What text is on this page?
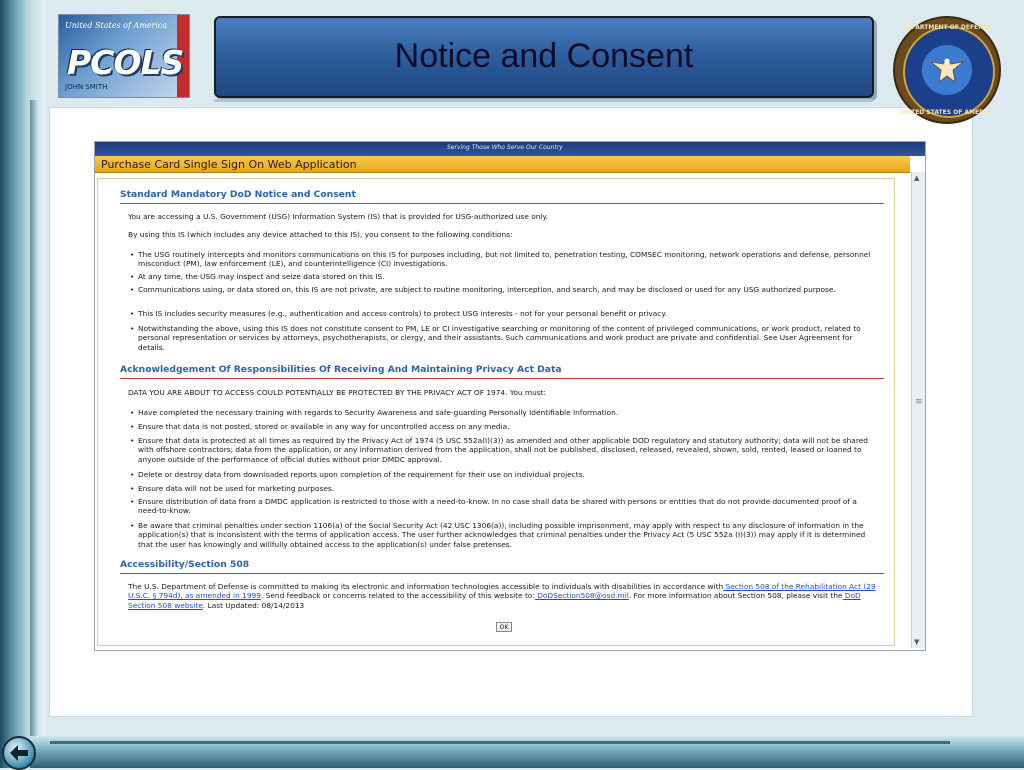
United States of America
PCOLS
JOHN SMITH
Notice and Consent
DEPARTMENT OF DEFENSE
UNITED STATES OF AMERICA
Serving Those Who Serve Our Country
Purchase Card Single Sign On Web Application
▲
≡
▼
Standard Mandatory DoD Notice and Consent
You are accessing a U.S. Government (USG) Information System (IS) that is provided for USG-authorized use only.
By using this IS (which includes any device attached to this IS), you consent to the following conditions:
• The USG routinely intercepts and monitors communications on this IS for purposes including, but not limited to, penetration testing, COMSEC monitoring, network operations and defense, personnel misconduct (PM), law enforcement (LE), and counterintelligence (CI) investigations.
• At any time, the USG may inspect and seize data stored on this IS.
• Communications using, or data stored on, this IS are not private, are subject to routine monitoring, interception, and search, and may be disclosed or used for any USG authorized purpose.
• This IS includes security measures (e.g., authentication and access controls) to protect USG interests - not for your personal benefit or privacy.
• Notwithstanding the above, using this IS does not constitute consent to PM, LE or CI investigative searching or monitoring of the content of privileged communications, or work product, related to personal representation or services by attorneys, psychotherapists, or clergy, and their assistants. Such communications and work product are private and confidential. See User Agreement for details.
Acknowledgement Of Responsibilities Of Receiving And Maintaining Privacy Act Data
DATA YOU ARE ABOUT TO ACCESS COULD POTENTIALLY BE PROTECTED BY THE PRIVACY ACT OF 1974. You must:
• Have completed the necessary training with regards to Security Awareness and safe-guarding Personally Identifiable Information.
• Ensure that data is not posted, stored or available in any way for uncontrolled access on any media.
• Ensure that data is protected at all times as required by the Privacy Act of 1974 (5 USC 552a(I)(3)) as amended and other applicable DOD regulatory and statutory authority; data will not be shared with offshore contractors; data from the application, or any information derived from the application, shall not be published, disclosed, released, revealed, shown, sold, rented, leased or loaned to anyone outside of the performance of official duties without prior DMDC approval.
• Delete or destroy data from downloaded reports upon completion of the requirement for their use on individual projects.
• Ensure data will not be used for marketing purposes.
• Ensure distribution of data from a DMDC application is restricted to those with a need-to-know. In no case shall data be shared with persons or entities that do not provide documented proof of a need-to-know.
• Be aware that criminal penalties under section 1106(a) of the Social Security Act (42 USC 1306(a)), including possible imprisonment, may apply with respect to any disclosure of information in the application(s) that is inconsistent with the terms of application access. The user further acknowledges that criminal penalties under the Privacy Act (5 USC 552a (I)(3)) may apply if it is determined that the user has knowingly and willfully obtained access to the application(s) under false pretenses.
Accessibility/Section 508
The U.S. Department of Defense is committed to making its electronic and information technologies accessible to individuals with disabilities in accordance with Section 508 of the Rehabilitation Act (29 U.S.C. § 794d), as amended in 1999. Send feedback or concerns related to the accessibility of this website to: DoDSection508@osd.mil. For more information about Section 508, please visit the DoD Section 508 website. Last Updated: 08/14/2013
OK
